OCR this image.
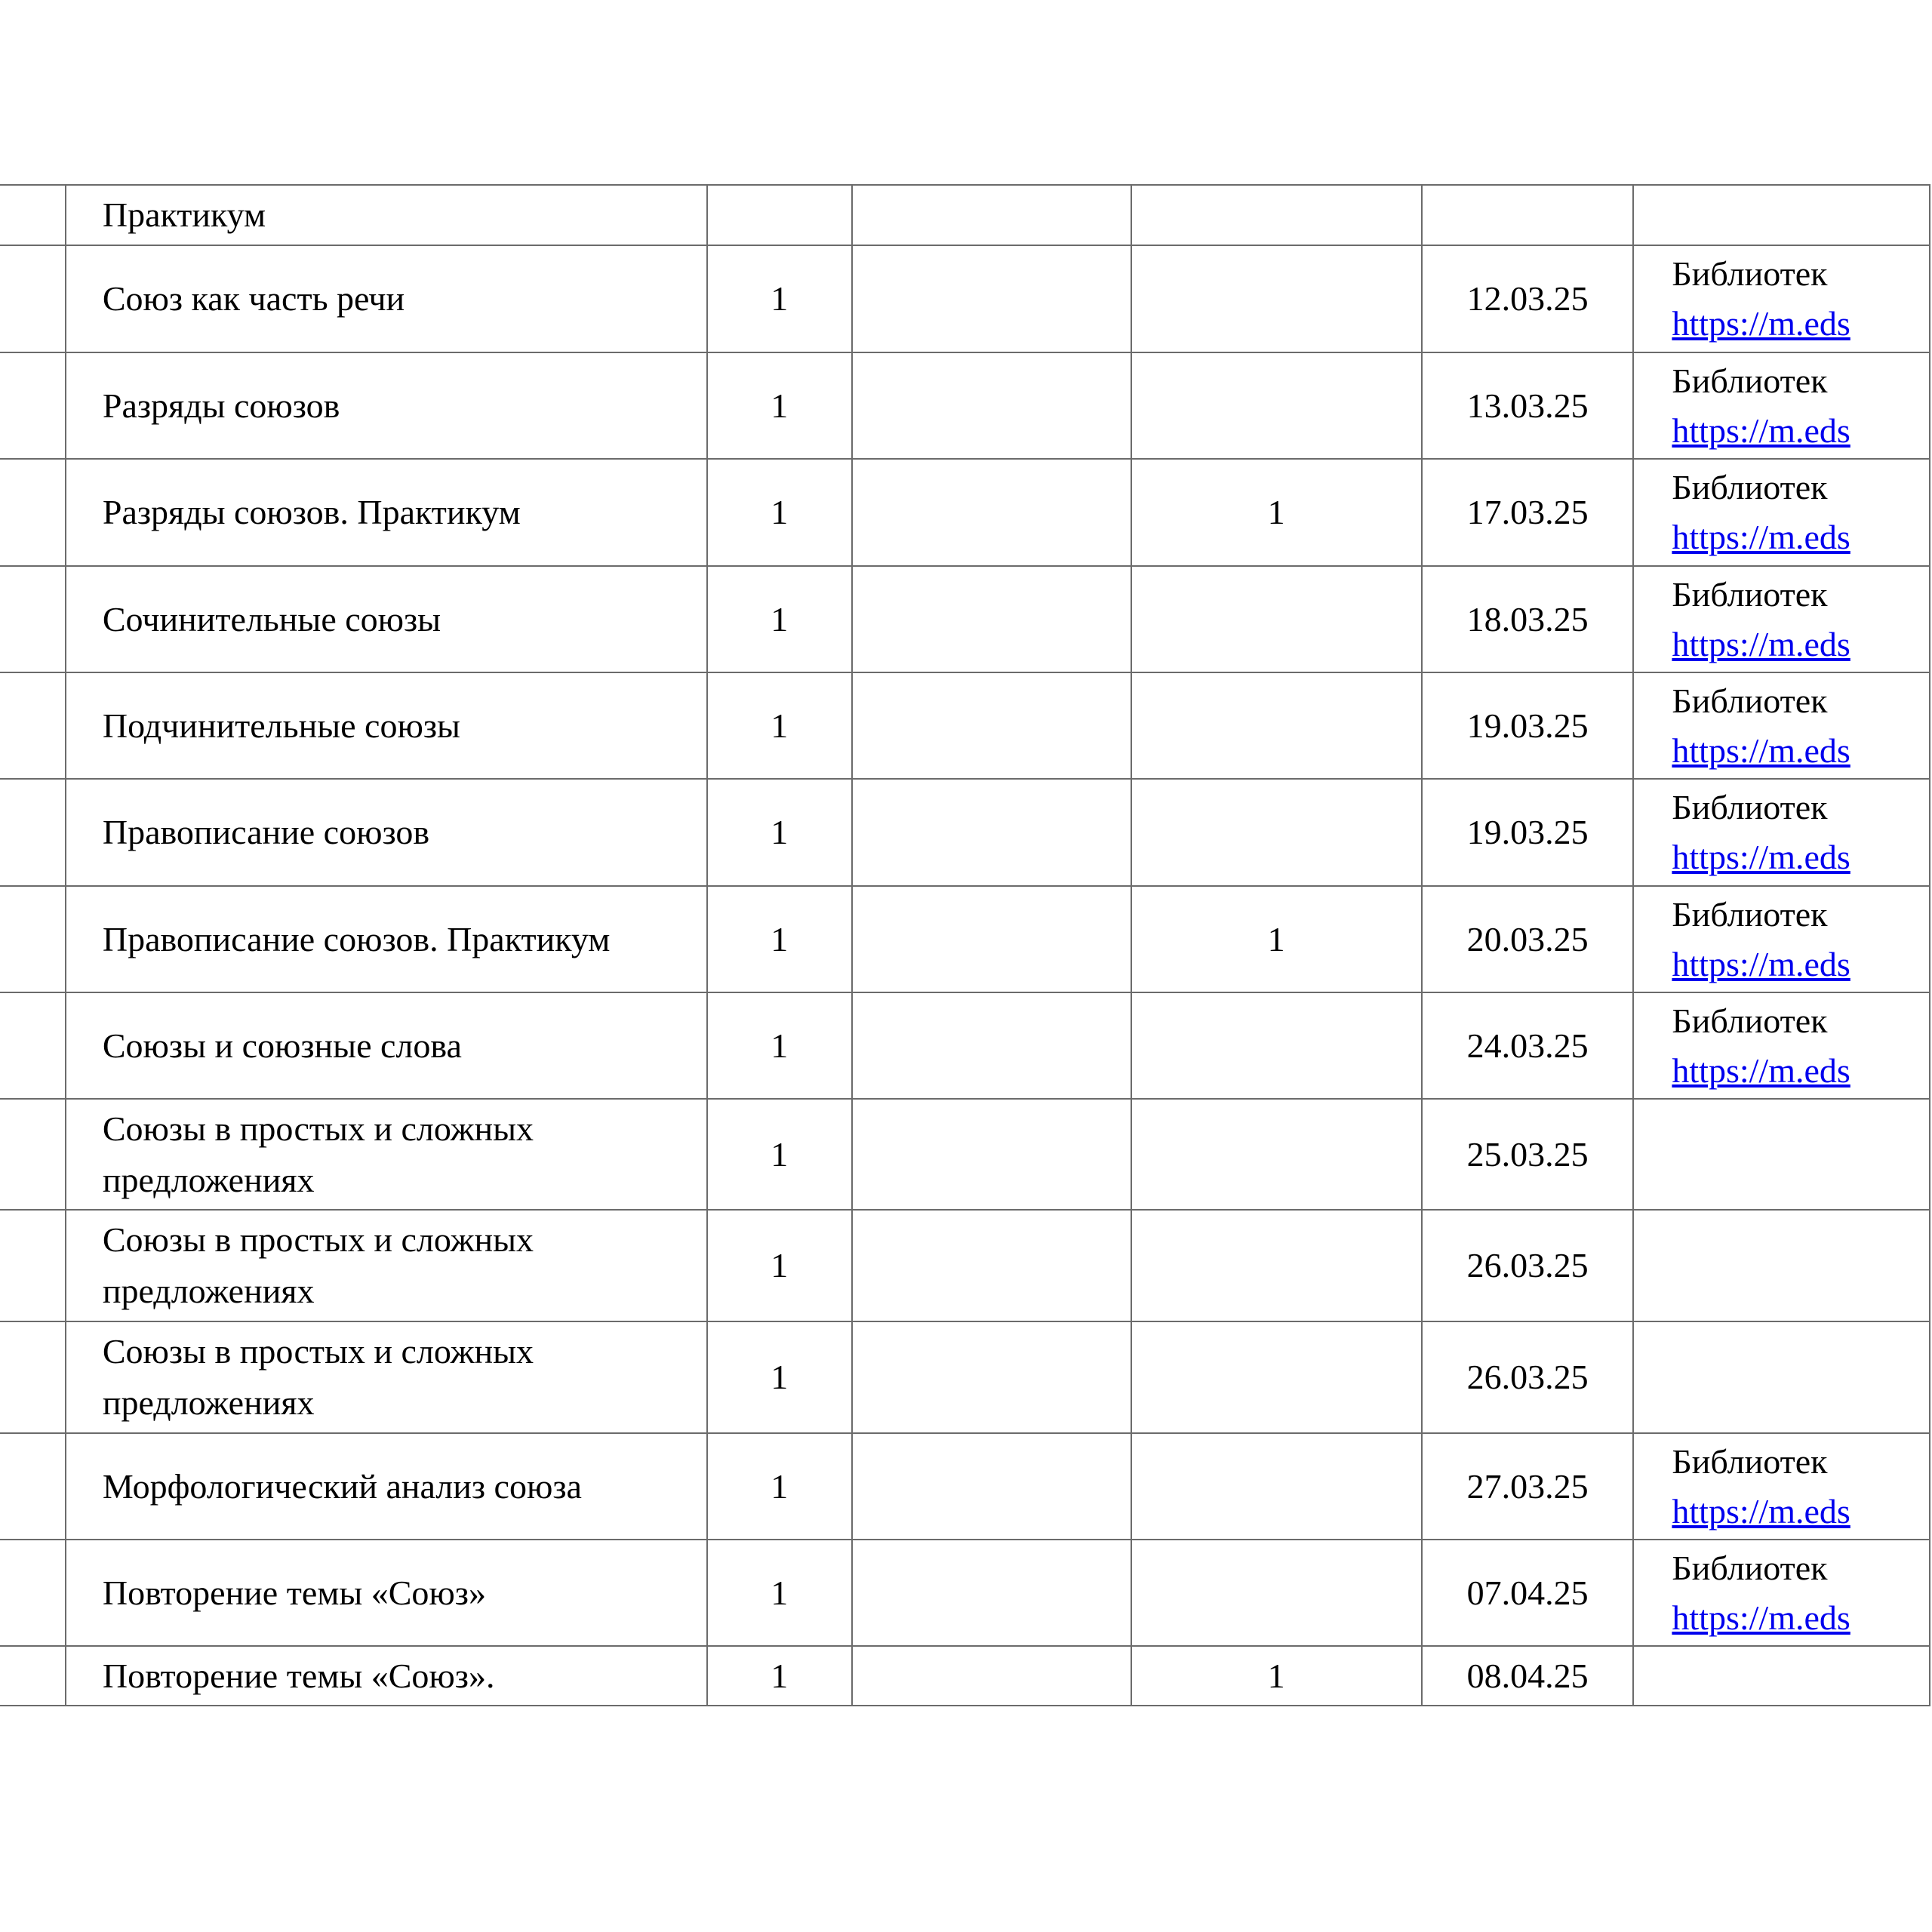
	Практикум					
	Союз как часть речи	1			12.03.25	Библиотек
https://m.eds

	Разряды союзов	1			13.03.25	Библиотек
https://m.eds

	Разряды союзов. Практикум	1		1	17.03.25	Библиотек
https://m.eds

	Сочинительные союзы	1			18.03.25	Библиотек
https://m.eds

	Подчинительные союзы	1			19.03.25	Библиотек
https://m.eds

	Правописание союзов	1			19.03.25	Библиотек
https://m.eds

	Правописание союзов. Практикум	1		1	20.03.25	Библиотек
https://m.eds

	Союзы и союзные слова	1			24.03.25	Библиотек
https://m.eds

	Союзы в простых и сложных предложениях	1			25.03.25	
	Союзы в простых и сложных предложениях	1			26.03.25	
	Союзы в простых и сложных предложениях	1			26.03.25	
	Морфологический анализ союза	1			27.03.25	Библиотек
https://m.eds

	Повторение темы «Союз»	1			07.04.25	Библиотек
https://m.eds

	Повторение темы «Союз».	1		1	08.04.25	
